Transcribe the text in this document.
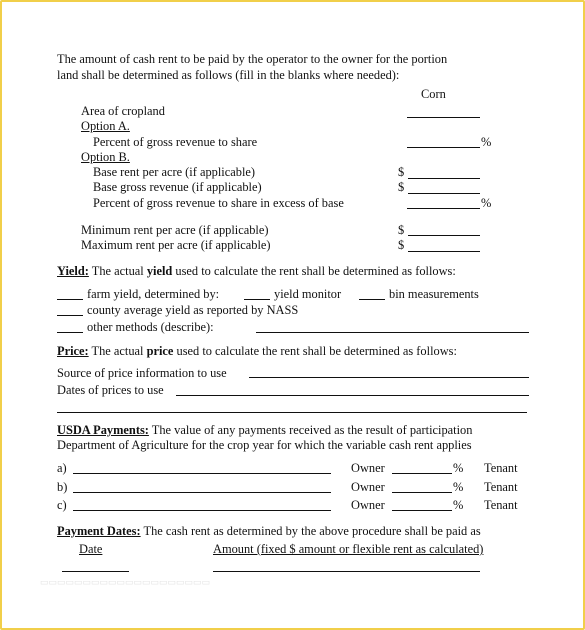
The amount of cash rent to be paid by the operator to the owner for the portion
land shall be determined as follows (fill in the blanks where needed):
Corn
Area of cropland
Option A.
Percent of gross revenue to share	%
Option B.
Base rent per acre (if applicable)	$
Base gross revenue (if applicable)	$
Percent of gross revenue to share in excess of base	%
Minimum rent per acre (if applicable)	$
Maximum rent per acre (if applicable)	$
Yield: The actual yield used to calculate the rent shall be determined as follows:
farm yield, determined by:	yield monitor	bin measurements
county average yield as reported by NASS
other methods (describe):
Price: The actual price used to calculate the rent shall be determined as follows:
Source of price information to use
Dates of prices to use
USDA Payments: The value of any payments received as the result of participation
Department of Agriculture for the crop year for which the variable cash rent applies
a)	Owner	% Tenant
b)	Owner	% Tenant
c)	Owner	% Tenant
Payment Dates: The cash rent as determined by the above procedure shall be paid as
Date	Amount (fixed $ amount or flexible rent as calculated)
▭▭▭▭▭▭▭▭▭▭▭▭▭▭▭▭▭▭▭▭
